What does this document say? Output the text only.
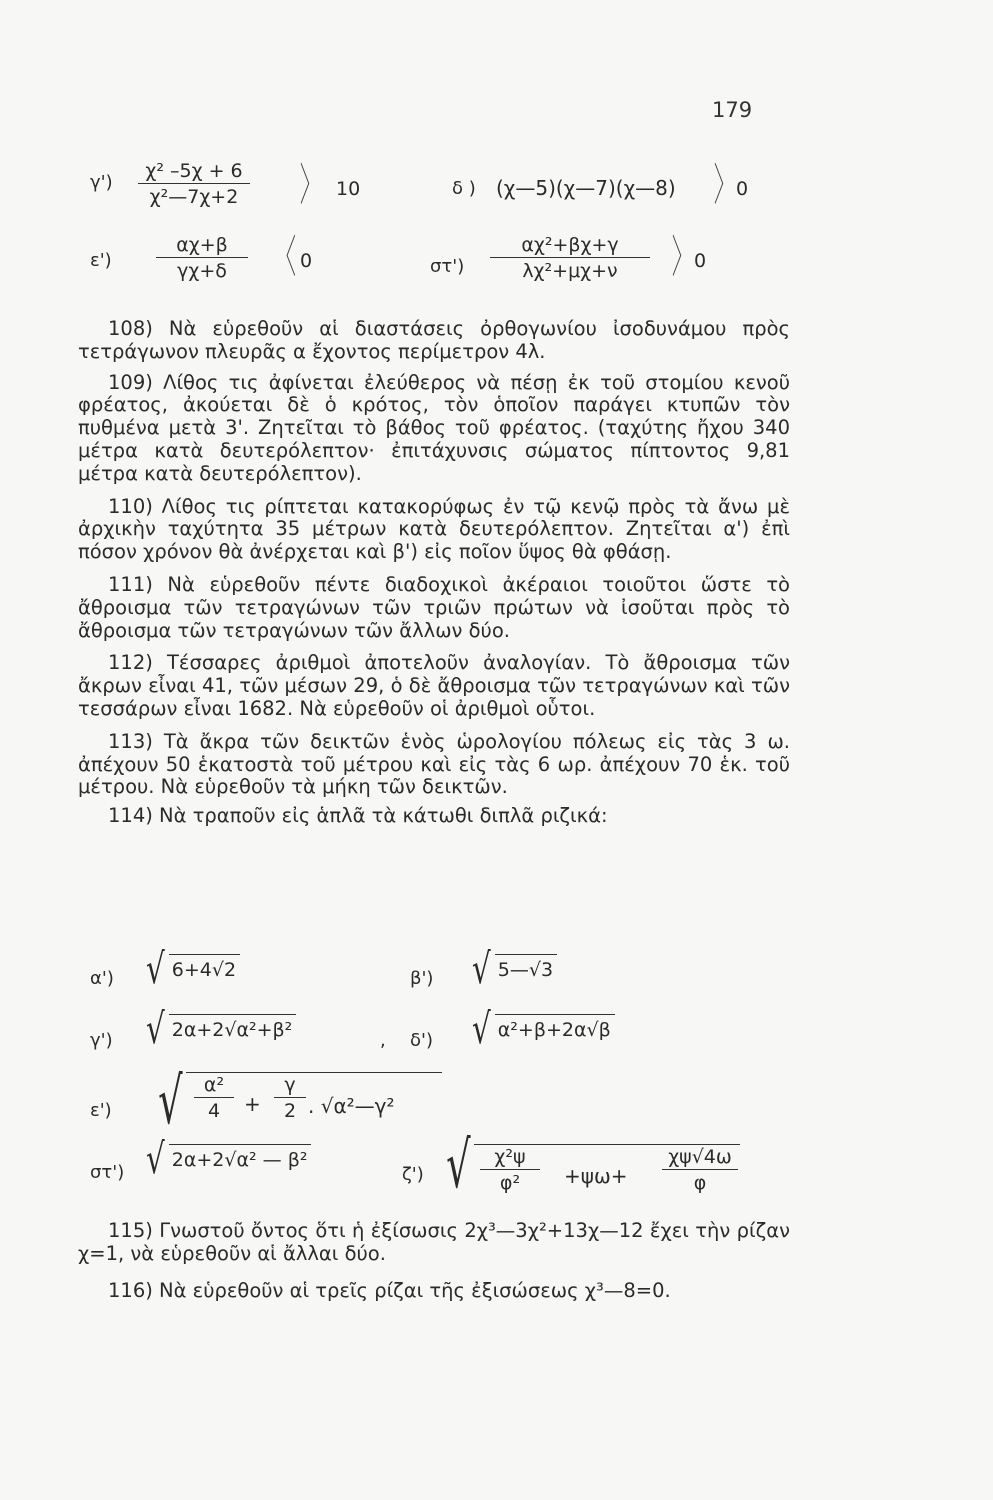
179
$\gamma') \frac{\text{χ² –5χ + 6}}{\text{χ²—7χ+2}}$ 〉 10	δ ) (χ—5)(χ—7)(χ—8) 〉 0
$\varepsilon') \frac{\alpha\chi+\beta}{\gamma\chi+\delta}$ 〈 0	$\sigma\tau') \frac{\text{αχ²+βχ+γ}}{\text{λχ²+μχ+ν}}$ 〉 0

108) Νὰ εὑρεθοῦν αἱ διαστάσεις ὀρθογωνίου ἰσοδυνάμου πρὸς τετράγωνον πλευρᾶς α ἔχοντος περίμετρον 4λ.

109) Λίθος τις ἀφίνεται ἐλεύθερος νὰ πέσῃ ἐκ τοῦ στομίου κενοῦ φρέατος, ἀκούεται δὲ ὁ κρότος, τὸν ὁποῖον παράγει κτυπῶν τὸν πυθμένα μετὰ 3'. Ζητεῖται τὸ βάθος τοῦ φρέατος. (ταχύτης ἤχου 340 μέτρα κατὰ δευτερόλεπτον· ἐπιτάχυνσις σώματος πίπτοντος 9,81 μέτρα κατὰ δευτερόλεπτον).

110) Λίθος τις ρίπτεται κατακορύφως ἐν τῷ κενῷ πρὸς τὰ ἄνω μὲ ἀρχικὴν ταχύτητα 35 μέτρων κατὰ δευτερόλεπτον. Ζητεῖται α') ἐπὶ πόσον χρόνον θὰ ἀνέρχεται καὶ β') εἰς ποῖον ὕψος θὰ φθάσῃ.

111) Νὰ εὑρεθοῦν πέντε διαδοχικοὶ ἀκέραιοι τοιοῦτοι ὥστε τὸ ἄθροισμα τῶν τετραγώνων τῶν τριῶν πρώτων νὰ ἰσοῦται πρὸς τὸ ἄθροισμα τῶν τετραγώνων τῶν ἄλλων δύο.

112) Τέσσαρες ἀριθμοὶ ἀποτελοῦν ἀναλογίαν. Τὸ ἄθροισμα τῶν ἄκρων εἶναι 41, τῶν μέσων 29, ὁ δὲ ἄθροισμα τῶν τετραγώνων καὶ τῶν τεσσάρων εἶναι 1682. Νὰ εὑρεθοῦν οἱ ἀριθμοὶ οὗτοι.

113) Τὰ ἄκρα τῶν δεικτῶν ἑνὸς ὡρολογίου πόλεως εἰς τὰς 3 ω. ἀπέχουν 50 ἑκατοστὰ τοῦ μέτρου καὶ εἰς τὰς 6 ωρ. ἀπέχουν 70 ἑκ. τοῦ μέτρου. Νὰ εὑρεθοῦν τὰ μήκη τῶν δεικτῶν.

114) Νὰ τραποῦν εἰς ἁπλᾶ τὰ κάτωθι διπλᾶ ριζικά:

α') √ 6+4√2	β') √ 5—√3
γ') √ 2α+2√α²+β²	, δ') √ α²+β+2α√β
ε') √ $\frac{\text{α²}}{4} + \frac{\gamma}{2}$ . √α²—γ²
στ') √ 2α+2√α² — β²
ζ') √ $\frac{\text{χ²ψ}}{\text{φ²}} +\psi\omega+ \frac{\chi\psi√4\omega}{\varphi}$

115) Γνωστοῦ ὄντος ὅτι ἡ ἐξίσωσις 2χ³—3χ²+13χ—12 ἔχει τὴν ρίζαν χ=1, νὰ εὑρεθοῦν αἱ ἄλλαι δύο.

116) Νὰ εὑρεθοῦν αἱ τρεῖς ρίζαι τῆς ἐξισώσεως χ³—8=0.
